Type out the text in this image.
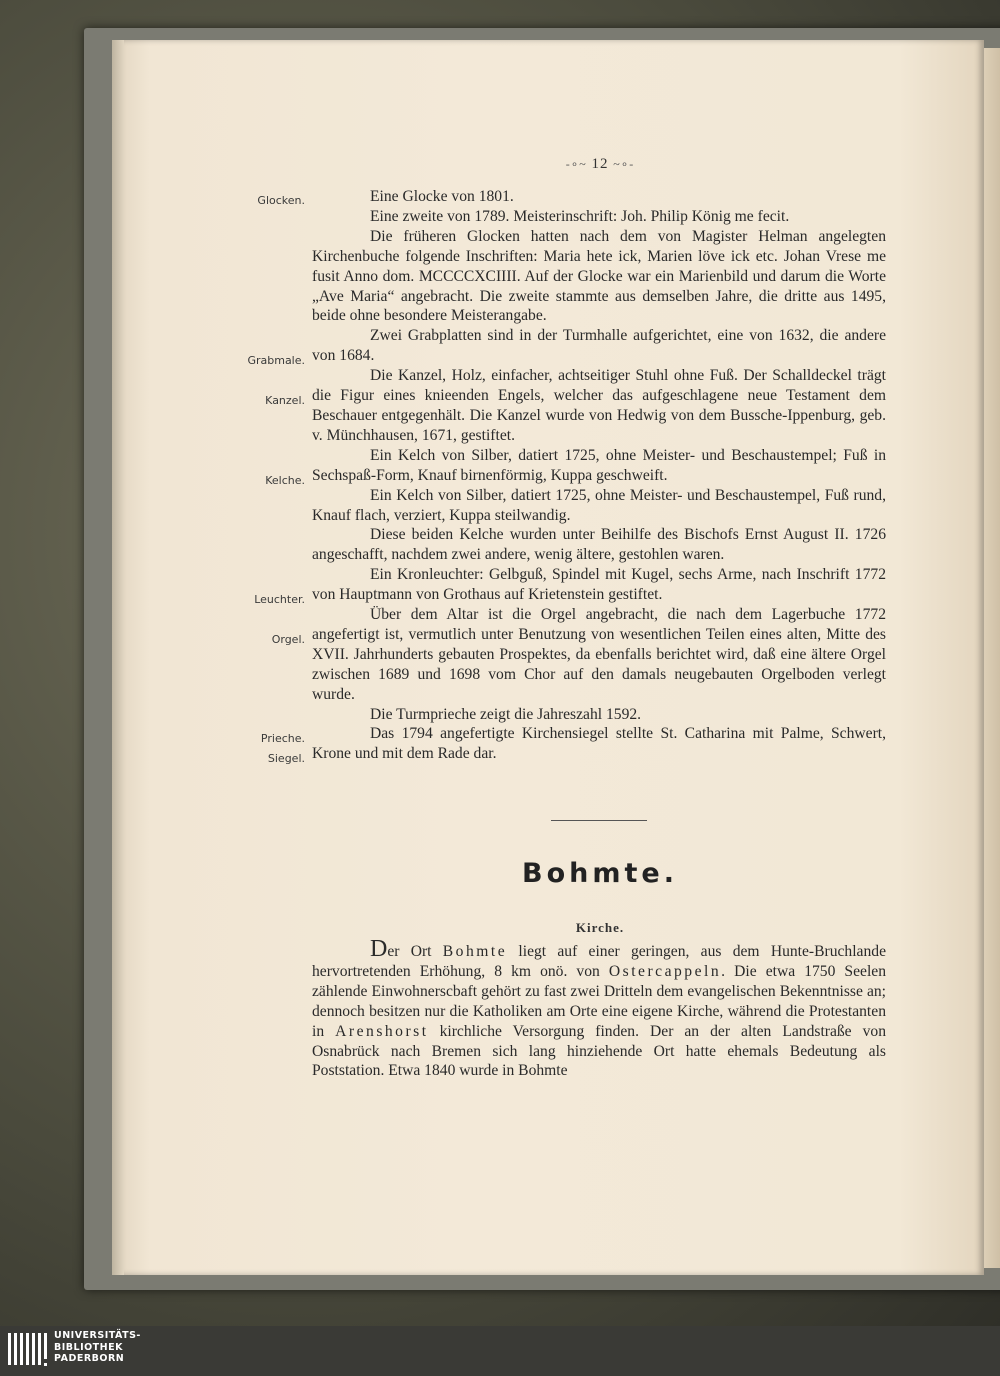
-∘~ 12 ~∘-
Glocken.
Grabmale.
Kanzel.
Kelche.
Leuchter.
Orgel.
Prieche.
Siegel.

Eine Glocke von 1801.

Eine zweite von 1789. Meisterinschrift: Joh. Philip König me fecit.

Die früheren Glocken hatten nach dem von Magister Helman angelegten Kirchenbuche folgende Inschriften: Maria hete ick, Marien löve ick etc. Johan Vrese me fusit Anno dom. MCCCCXCIIII. Auf der Glocke war ein Marienbild und darum die Worte „Ave Maria“ angebracht. Die zweite stammte aus demselben Jahre, die dritte aus 1495, beide ohne besondere Meisterangabe.

Zwei Grabplatten sind in der Turmhalle aufgerichtet, eine von 1632, die andere von 1684.

Die Kanzel, Holz, einfacher, achtseitiger Stuhl ohne Fuß. Der Schalldeckel trägt die Figur eines knieenden Engels, welcher das aufgeschlagene neue Testament dem Beschauer entgegenhält. Die Kanzel wurde von Hedwig von dem Bussche-Ippenburg, geb. v. Münchhausen, 1671, gestiftet.

Ein Kelch von Silber, datiert 1725, ohne Meister- und Beschaustempel; Fuß in Sechspaß-Form, Knauf birnenförmig, Kuppa geschweift.

Ein Kelch von Silber, datiert 1725, ohne Meister- und Beschaustempel, Fuß rund, Knauf flach, verziert, Kuppa steilwandig.

Diese beiden Kelche wurden unter Beihilfe des Bischofs Ernst August II. 1726 angeschafft, nachdem zwei andere, wenig ältere, gestohlen waren.

Ein Kronleuchter: Gelbguß, Spindel mit Kugel, sechs Arme, nach Inschrift 1772 von Hauptmann von Grothaus auf Krietenstein gestiftet.

Über dem Altar ist die Orgel angebracht, die nach dem Lagerbuche 1772 angefertigt ist, vermutlich unter Benutzung von wesentlichen Teilen eines alten, Mitte des XVII. Jahrhunderts gebauten Prospektes, da ebenfalls berichtet wird, daß eine ältere Orgel zwischen 1689 und 1698 vom Chor auf den damals neugebauten Orgelboden verlegt wurde.

Die Turmprieche zeigt die Jahreszahl 1592.

Das 1794 angefertigte Kirchensiegel stellte St. Catharina mit Palme, Schwert, Krone und mit dem Rade dar.

Bohmte.
Kirche.

Der Ort Bohmte liegt auf einer geringen, aus dem Hunte-Bruchlande hervortretenden Erhöhung, 8 km onö. von Ostercappeln. Die etwa 1750 Seelen zählende Einwohnerscbaft gehört zu fast zwei Dritteln dem evangelischen Bekenntnisse an; dennoch besitzen nur die Katholiken am Orte eine eigene Kirche, während die Protestanten in Arenshorst kirchliche Versorgung finden. Der an der alten Landstraße von Osnabrück nach Bremen sich lang hinziehende Ort hatte ehemals Bedeutung als Poststation. Etwa 1840 wurde in Bohmte

UNIVERSITÄTS-
BIBLIOTHEK
PADERBORN
